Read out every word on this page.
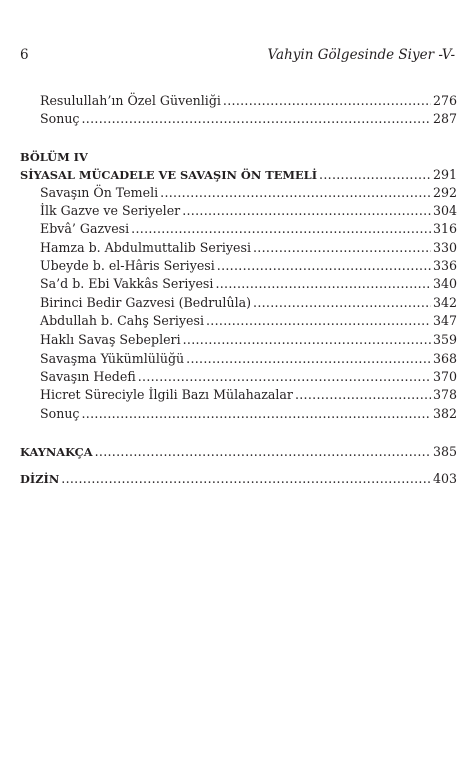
6	Vahyin Gölgesinde Siyer -V-
Resulullah’ın Özel Güvenliği .....	276
Sonuç .....	287
BÖLÜM IV
SİYASAL MÜCADELE VE SAVAŞIN ÖN TEMELİ .....	291
Savaşın Ön Temeli .....	292
İlk Gazve ve Seriyeler .....	304
Ebvâ’ Gazvesi .....	316
Hamza b. Abdulmuttalib Seriyesi .....	330
Ubeyde b. el-Hâris Seriyesi .....	336
Sa’d b. Ebi Vakkâs Seriyesi .....	340
Birinci Bedir Gazvesi (Bedrulûla) .....	342
Abdullah b. Cahş Seriyesi .....	347
Haklı Savaş Sebepleri .....	359
Savaşma Yükümlülüğü .....	368
Savaşın Hedefi .....	370
Hicret Süreciyle İlgili Bazı Mülahazalar .....	378
Sonuç .....	382
KAYNAKÇA .....	385
DİZİN .....	403
